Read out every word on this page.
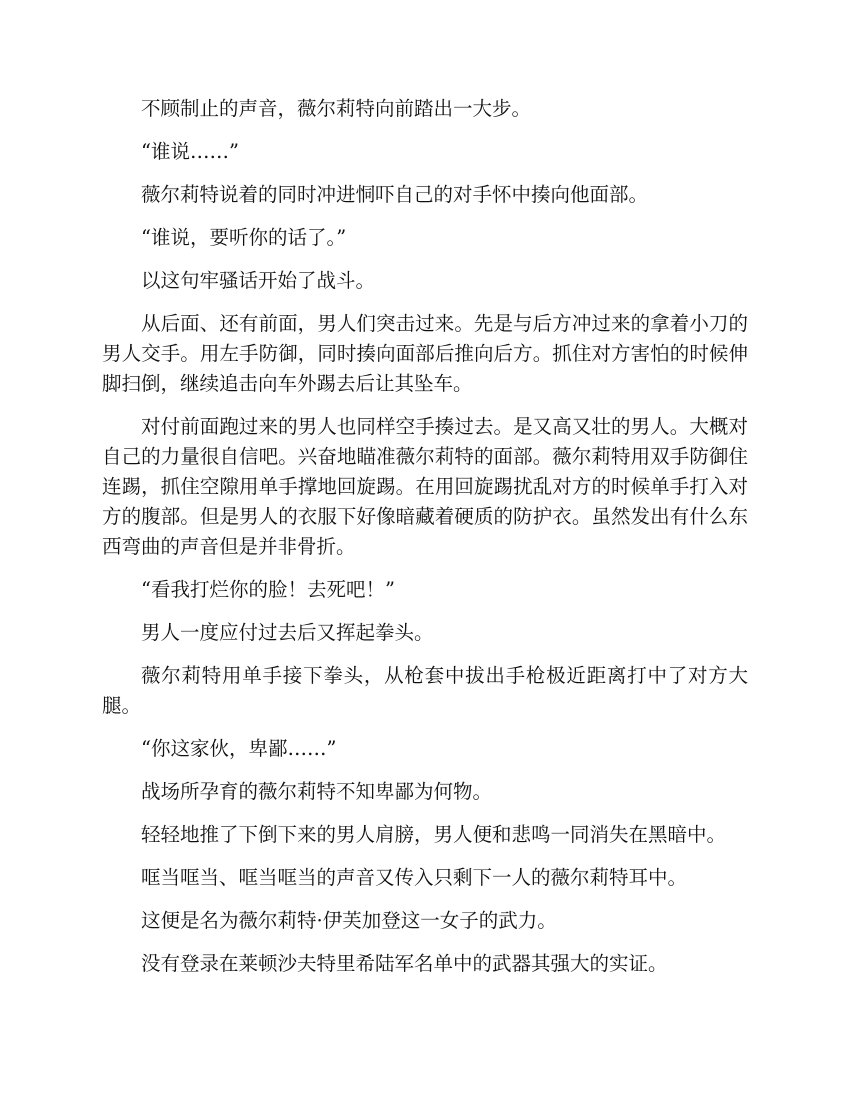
不顾制止的声音，薇尔莉特向前踏出一大步。

“谁说……”

薇尔莉特说着的同时冲进恫吓自己的对手怀中揍向他面部。

“谁说，要听你的话了。”

以这句牢骚话开始了战斗。

从后面、还有前面，男人们突击过来。先是与后方冲过来的拿着小刀的男人交手。用左手防御，同时揍向面部后推向后方。抓住对方害怕的时候伸脚扫倒，继续追击向车外踢去后让其坠车。

对付前面跑过来的男人也同样空手揍过去。是又高又壮的男人。大概对自己的力量很自信吧。兴奋地瞄准薇尔莉特的面部。薇尔莉特用双手防御住连踢，抓住空隙用单手撑地回旋踢。在用回旋踢扰乱对方的时候单手打入对方的腹部。但是男人的衣服下好像暗藏着硬质的防护衣。虽然发出有什么东西弯曲的声音但是并非骨折。

“看我打烂你的脸！去死吧！”

男人一度应付过去后又挥起拳头。

薇尔莉特用单手接下拳头，从枪套中拔出手枪极近距离打中了对方大腿。

“你这家伙，卑鄙……”

战场所孕育的薇尔莉特不知卑鄙为何物。

轻轻地推了下倒下来的男人肩膀，男人便和悲鸣一同消失在黑暗中。

哐当哐当、哐当哐当的声音又传入只剩下一人的薇尔莉特耳中。

这便是名为薇尔莉特·伊芙加登这一女子的武力。

没有登录在莱顿沙夫特里希陆军名单中的武器其强大的实证。
